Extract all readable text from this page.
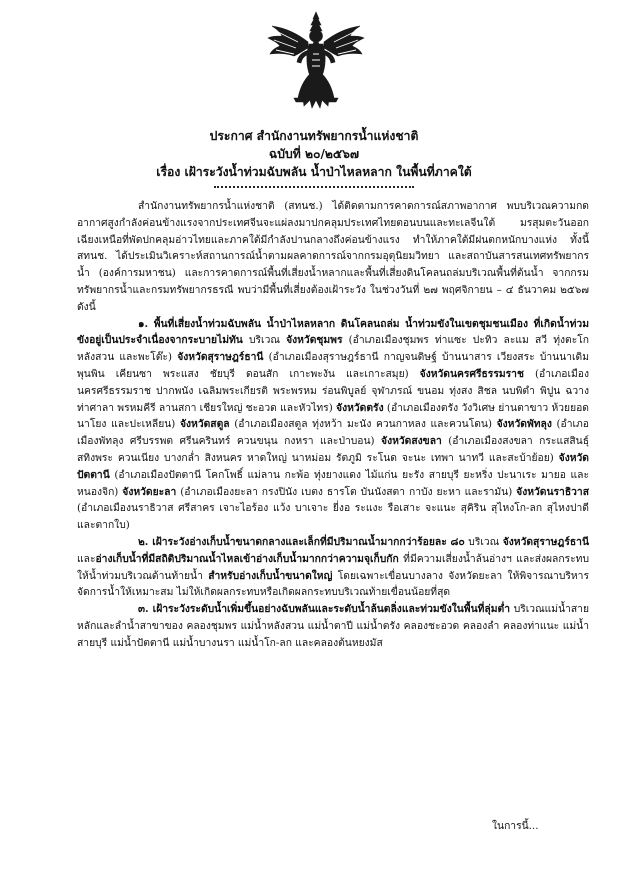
ประกาศ สำนักงานทรัพยากรน้ำแห่งชาติ
ฉบับที่ ๒๐/๒๕๖๗
เรื่อง เฝ้าระวังน้ำท่วมฉับพลัน น้ำป่าไหลหลาก ในพื้นที่ภาคใต้

สำนักงานทรัพยากรน้ำแห่งชาติ (สทนช.) ได้ติดตามการคาดการณ์สภาพอากาศ พบบริเวณความกดอากาศสูงกำลังค่อนข้างแรงจากประเทศจีนจะแผ่ลงมาปกคลุมประเทศไทยตอนบนและทะเลจีนใต้ มรสุมตะวันออกเฉียงเหนือที่พัดปกคลุมอ่าวไทยและภาคใต้มีกำลังปานกลางถึงค่อนข้างแรง ทำให้ภาคใต้มีฝนตกหนักบางแห่ง ทั้งนี้ สทนช. ได้ประเมินวิเคราะห์สถานการณ์น้ำตามผลคาดการณ์จากกรมอุตุนิยมวิทยา และสถาบันสารสนเทศทรัพยากรน้ำ (องค์การมหาชน) และการคาดการณ์พื้นที่เสี่ยงน้ำหลากและพื้นที่เสี่ยงดินโคลนถล่มบริเวณพื้นที่ต้นน้ำ จากกรมทรัพยากรน้ำและกรมทรัพยากรธรณี พบว่ามีพื้นที่เสี่ยงต้องเฝ้าระวัง ในช่วงวันที่ ๒๗ พฤศจิกายน – ๔ ธันวาคม ๒๕๖๗ ดังนี้

๑. พื้นที่เสี่ยงน้ำท่วมฉับพลัน น้ำป่าไหลหลาก ดินโคลนถล่ม น้ำท่วมขังในเขตชุมชนเมือง ที่เกิดน้ำท่วมขังอยู่เป็นประจำเนื่องจากระบายไม่ทัน บริเวณ จังหวัดชุมพร (อำเภอเมืองชุมพร ท่าแซะ ปะทิว ละแม สวี ทุ่งตะโก หลังสวน และพะโต๊ะ) จังหวัดสุราษฎร์ธานี (อำเภอเมืองสุราษฎร์ธานี กาญจนดิษฐ์ บ้านนาสาร เวียงสระ บ้านนาเดิม พุนพิน เคียนซา พระแสง ชัยบุรี ดอนสัก เกาะพะงัน และเกาะสมุย) จังหวัดนครศรีธรรมราช (อำเภอเมืองนครศรีธรรมราช ปากพนัง เฉลิมพระเกียรติ พระพรหม ร่อนพิบูลย์ จุฬาภรณ์ ขนอม ทุ่งสง สิชล นบพิตำ พิปูน ฉวาง ท่าศาลา พรหมคีรี ลานสกา เชียรใหญ่ ชะอวด และหัวไทร) จังหวัดตรัง (อำเภอเมืองตรัง วังวิเศษ ย่านตาขาว ห้วยยอด นาโยง และปะเหลียน) จังหวัดสตูล (อำเภอเมืองสตูล ทุ่งหว้า มะนัง ควนกาหลง และควนโดน) จังหวัดพัทลุง (อำเภอเมืองพัทลุง ศรีบรรพต ศรีนครินทร์ ควนขนุน กงหรา และป่าบอน) จังหวัดสงขลา (อำเภอเมืองสงขลา กระแสสินธุ์ สทิงพระ ควนเนียง บางกล่ำ สิงหนคร หาดใหญ่ นาหม่อม รัตภูมิ ระโนด จะนะ เทพา นาทวี และสะบ้าย้อย) จังหวัดปัตตานี (อำเภอเมืองปัตตานี โคกโพธิ์ แม่ลาน กะพ้อ ทุ่งยางแดง ไม้แก่น ยะรัง สายบุรี ยะหริ่ง ปะนาเระ มายอ และหนองจิก) จังหวัดยะลา (อำเภอเมืองยะลา กรงปินัง เบตง ธารโต บันนังสตา กาบัง ยะหา และรามัน) จังหวัดนราธิวาส (อำเภอเมืองนราธิวาส ศรีสาคร เจาะไอร้อง แว้ง บาเจาะ ยี่งอ ระแงะ รือเสาะ จะแนะ สุคิริน สุไหงโก-ลก สุไหงปาดี และตากใบ)

๒. เฝ้าระวังอ่างเก็บน้ำขนาดกลางและเล็กที่มีปริมาณน้ำมากกว่าร้อยละ ๘๐ บริเวณ จังหวัดสุราษฎร์ธานี และอ่างเก็บน้ำที่มีสถิติปริมาณน้ำไหลเข้าอ่างเก็บน้ำมากกว่าความจุเก็บกัก ที่มีความเสี่ยงน้ำล้นอ่างฯ และส่งผลกระทบให้น้ำท่วมบริเวณด้านท้ายน้ำ สำหรับอ่างเก็บน้ำขนาดใหญ่ โดยเฉพาะเขื่อนบางลาง จังหวัดยะลา ให้พิจารณาบริหารจัดการน้ำให้เหมาะสม ไม่ให้เกิดผลกระทบหรือเกิดผลกระทบบริเวณท้ายเขื่อนน้อยที่สุด

๓. เฝ้าระวังระดับน้ำเพิ่มขึ้นอย่างฉับพลันและระดับน้ำล้นตลิ่งและท่วมขังในพื้นที่ลุ่มต่ำ บริเวณแม่น้ำสายหลักและลำน้ำสาขาของ คลองชุมพร แม่น้ำหลังสวน แม่น้ำตาปี แม่น้ำตรัง คลองชะอวด คลองลำ คลองท่าแนะ แม่น้ำสายบุรี แม่น้ำปัตตานี แม่น้ำบางนรา แม่น้ำโก-ลก และคลองต้นหยงมัส

ในการนี้...
